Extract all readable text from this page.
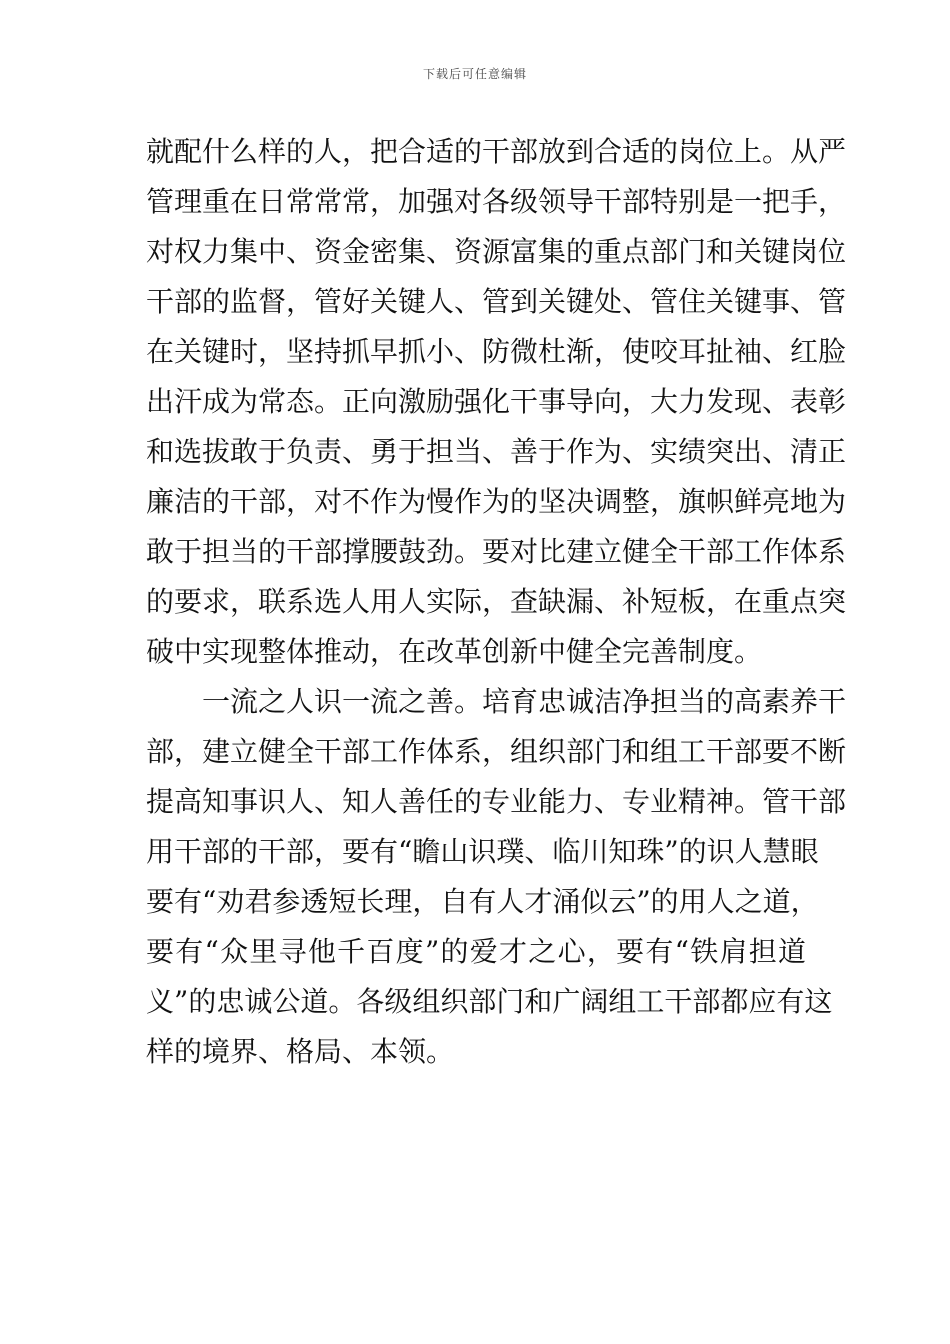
下载后可任意编辑
就配什么样的人，把合适的干部放到合适的岗位上。从严
管理重在日常常常，加强对各级领导干部特别是一把手，
对权力集中、资金密集、资源富集的重点部门和关键岗位
干部的监督，管好关键人、管到关键处、管住关键事、管
在关键时，坚持抓早抓小、防微杜渐，使咬耳扯袖、红脸
出汗成为常态。正向激励强化干事导向，大力发现、表彰
和选拔敢于负责、勇于担当、善于作为、实绩突出、清正
廉洁的干部，对不作为慢作为的坚决调整，旗帜鲜亮地为
敢于担当的干部撑腰鼓劲。要对比建立健全干部工作体系
的要求，联系选人用人实际，查缺漏、补短板，在重点突
破中实现整体推动，在改革创新中健全完善制度。
一流之人识一流之善。培育忠诚洁净担当的高素养干
部，建立健全干部工作体系，组织部门和组工干部要不断
提高知事识人、知人善任的专业能力、专业精神。管干部
用干部的干部，要有“瞻山识璞、临川知珠”的识人慧眼
要有“劝君参透短长理，自有人才涌似云”的用人之道，
要有“众里寻他千百度”的爱才之心，要有“铁肩担道
义”的忠诚公道。各级组织部门和广阔组工干部都应有这
样的境界、格局、本领。
